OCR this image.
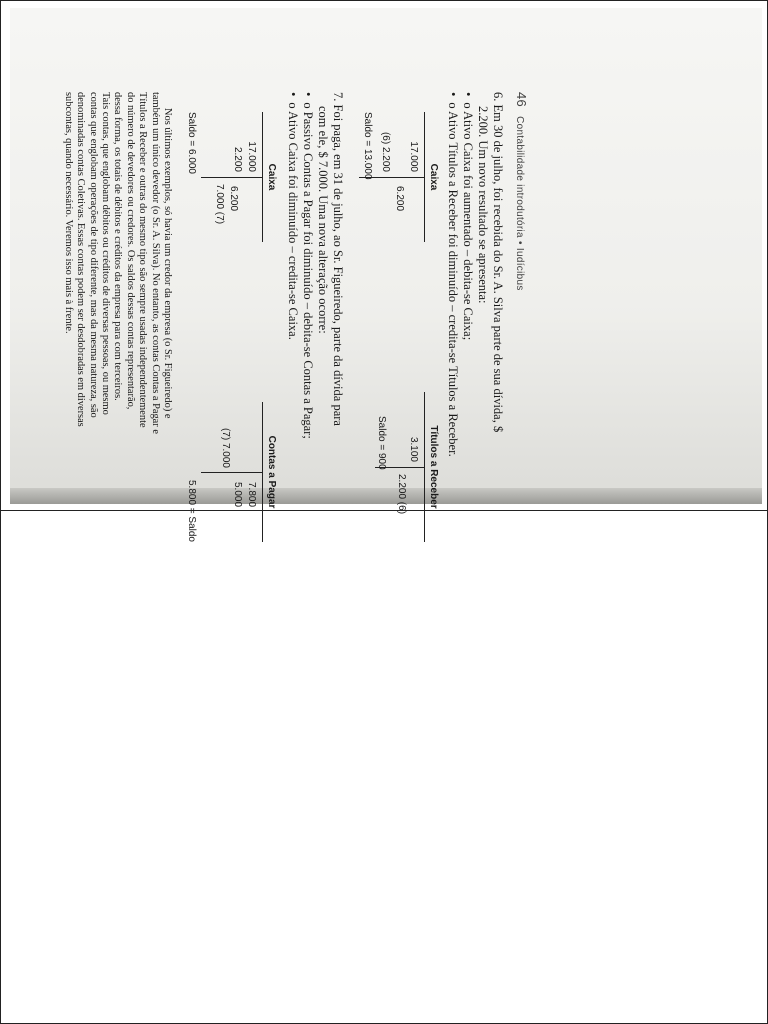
46 Contabilidade introdutória • Iudícibus
6. Em 30 de julho, foi recebida do Sr. A. Silva parte de sua dívida, $
2.200. Um novo resultado se apresenta:
• o Ativo Caixa foi aumentado – debita-se Caixa;
• o Ativo Títulos a Receber foi diminuído – credita-se Títulos a Receber.
Caixa
17.000
6.200
(6) 2.200
Saldo = 13.000
Títulos a Receber
3.100
2.200 (6)
Saldo = 900
7. Foi paga, em 31 de julho, ao Sr. Figueiredo, parte da dívida para
com ele, $ 7.000. Uma nova alteração ocorre:
• o Passivo Contas a Pagar foi diminuído – debita-se Contas a Pagar;
• o Ativo Caixa foi diminuído – credita-se Caixa.
Caixa
17.000
2.200
6.200
7.000 (7)
Saldo = 6.000
Contas a Pagar
(7) 7.000
7.800
5.000
5.800 = Saldo
Nos últimos exemplos, só havia um credor da empresa (o Sr. Figueiredo) e
também um único devedor (o Sr. A. Silva). No entanto, as contas Contas a Pagar e
Títulos a Receber e outras do mesmo tipo são sempre usadas independentemente
do número de devedores ou credores. Os saldos dessas contas representarão,
dessa forma, os totais de débitos e créditos da empresa para com terceiros.
Tais contas, que englobam débitos ou créditos de diversas pessoas, ou mesmo
contas que englobam operações de tipo diferente, mas da mesma natureza, são
denominadas contas Coletivas. Essas contas podem ser desdobradas em diversas
subcontas, quando necessário. Veremos isso mais à frente.
